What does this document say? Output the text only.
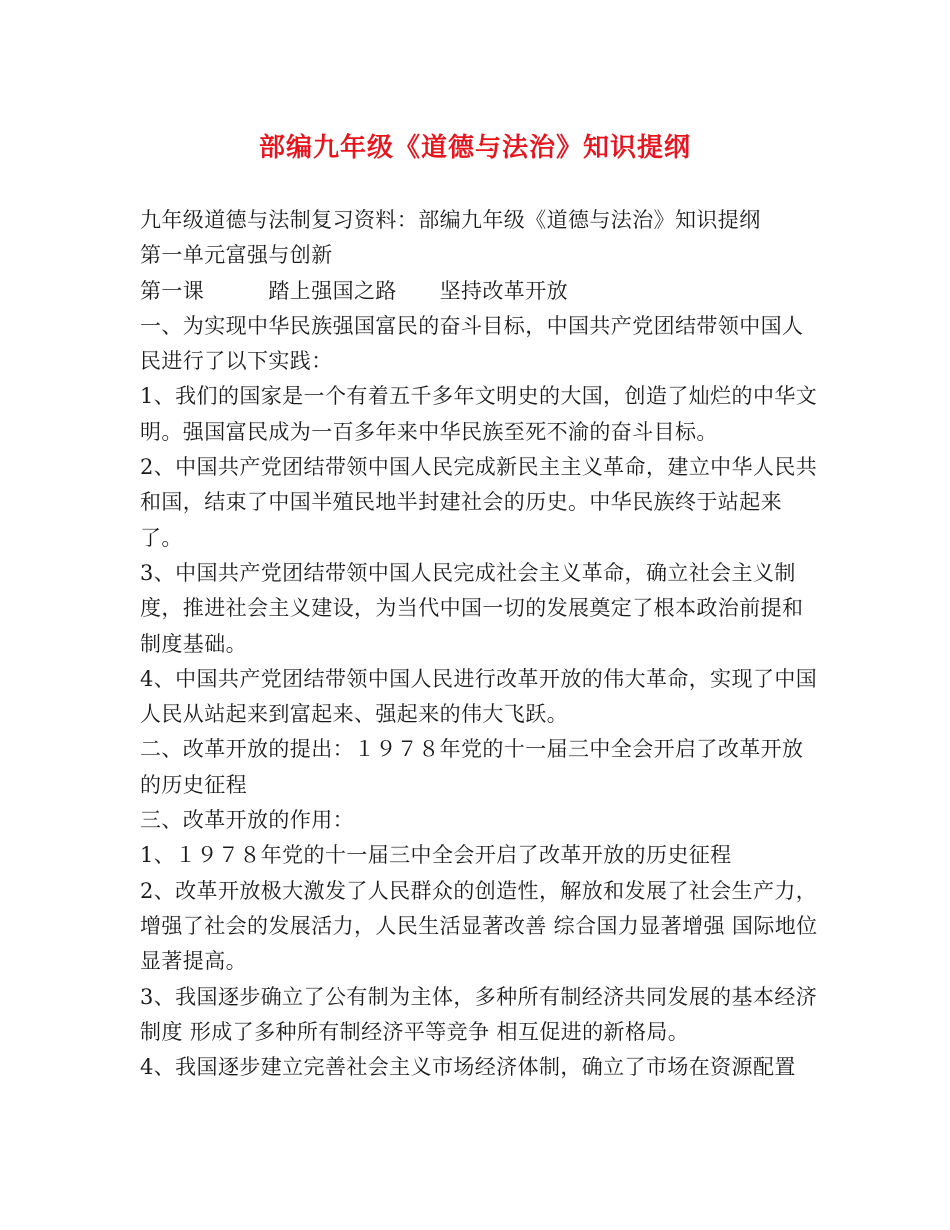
部编九年级《道德与法治》知识提纲

九年级道德与法制复习资料：部编九年级《道德与法治》知识提纲

第一单元富强与创新

第一课　　　踏上强国之路　　坚持改革开放

一、为实现中华民族强国富民的奋斗目标，中国共产党团结带领中国人民进行了以下实践：

1、我们的国家是一个有着五千多年文明史的大国，创造了灿烂的中华文明。强国富民成为一百多年来中华民族至死不渝的奋斗目标。

2、中国共产党团结带领中国人民完成新民主主义革命，建立中华人民共和国，结束了中国半殖民地半封建社会的历史。中华民族终于站起来了。

3、中国共产党团结带领中国人民完成社会主义革命，确立社会主义制度，推进社会主义建设，为当代中国一切的发展奠定了根本政治前提和制度基础。

4、中国共产党团结带领中国人民进行改革开放的伟大革命，实现了中国人民从站起来到富起来、强起来的伟大飞跃。

二、改革开放的提出：１９７８年党的十一届三中全会开启了改革开放的历史征程

三、改革开放的作用：

1、１９７８年党的十一届三中全会开启了改革开放的历史征程

2、改革开放极大激发了人民群众的创造性，解放和发展了社会生产力，增强了社会的发展活力，人民生活显著改善 综合国力显著增强 国际地位显著提高。

3、我国逐步确立了公有制为主体，多种所有制经济共同发展的基本经济制度 形成了多种所有制经济平等竞争 相互促进的新格局。

4、我国逐步建立完善社会主义市场经济体制，确立了市场在资源配置
